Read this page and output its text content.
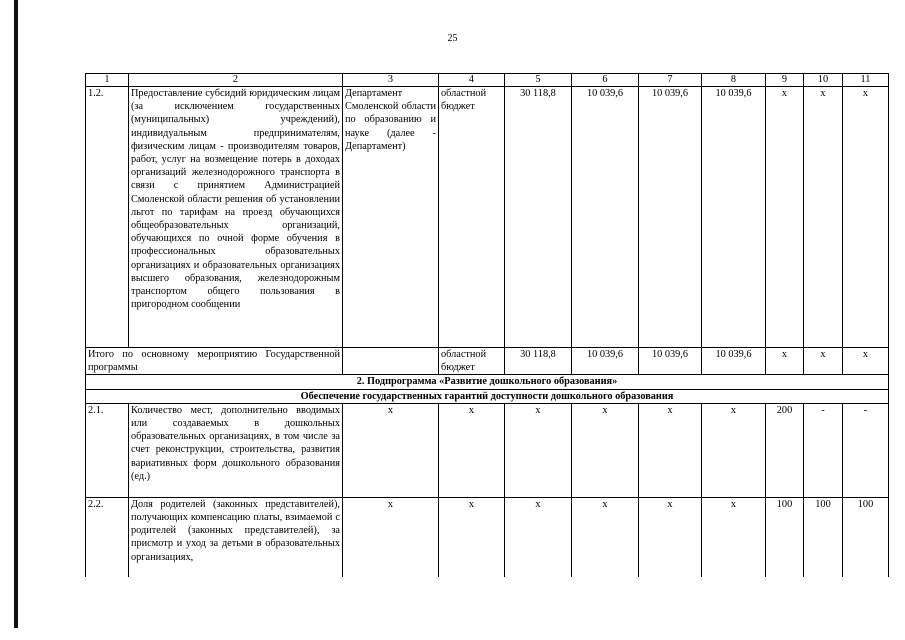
25
1	2	3	4	5	6	7	8	9	10	11
1.2.	Предоставление субсидий юридическим лицам (за исключением государственных (муниципальных) учреждений), индивидуальным предпринимателям, физическим лицам - производителям товаров, работ, услуг на возмещение потерь в доходах организаций железнодорожного транспорта в связи с принятием Администрацией Смоленской области решения об установлении льгот по тарифам на проезд обучающихся общеобразовательных организаций, обучающихся по очной форме обучения в профессиональных образовательных организациях и образовательных организациях высшего образования, железнодорожным транспортом общего пользования в пригородном сообщении	Департамент Смоленской области по образованию и науке (далее - Департамент)	областной бюджет	30 118,8	10 039,6	10 039,6	10 039,6	x	x	x
Итого по основному мероприятию Государственной программы			областной бюджет	30 118,8	10 039,6	10 039,6	10 039,6	x	x	x
2. Подпрограмма «Развитие дошкольного образования»										
Обеспечение государственных гарантий доступности дошкольного образования										
2.1.	Количество мест, дополнительно вводимых или создаваемых в дошкольных образовательных организациях, в том числе за счет реконструкции, строительства, развития вариативных форм дошкольного образования (ед.)	x	x	x	x	x	x	200	-	-
2.2.	Доля родителей (законных представителей), получающих компенсацию платы, взимаемой с родителей (законных представителей), за присмотр и уход за детьми в образовательных организациях,	x	x	x	x	x	x	100	100	100
